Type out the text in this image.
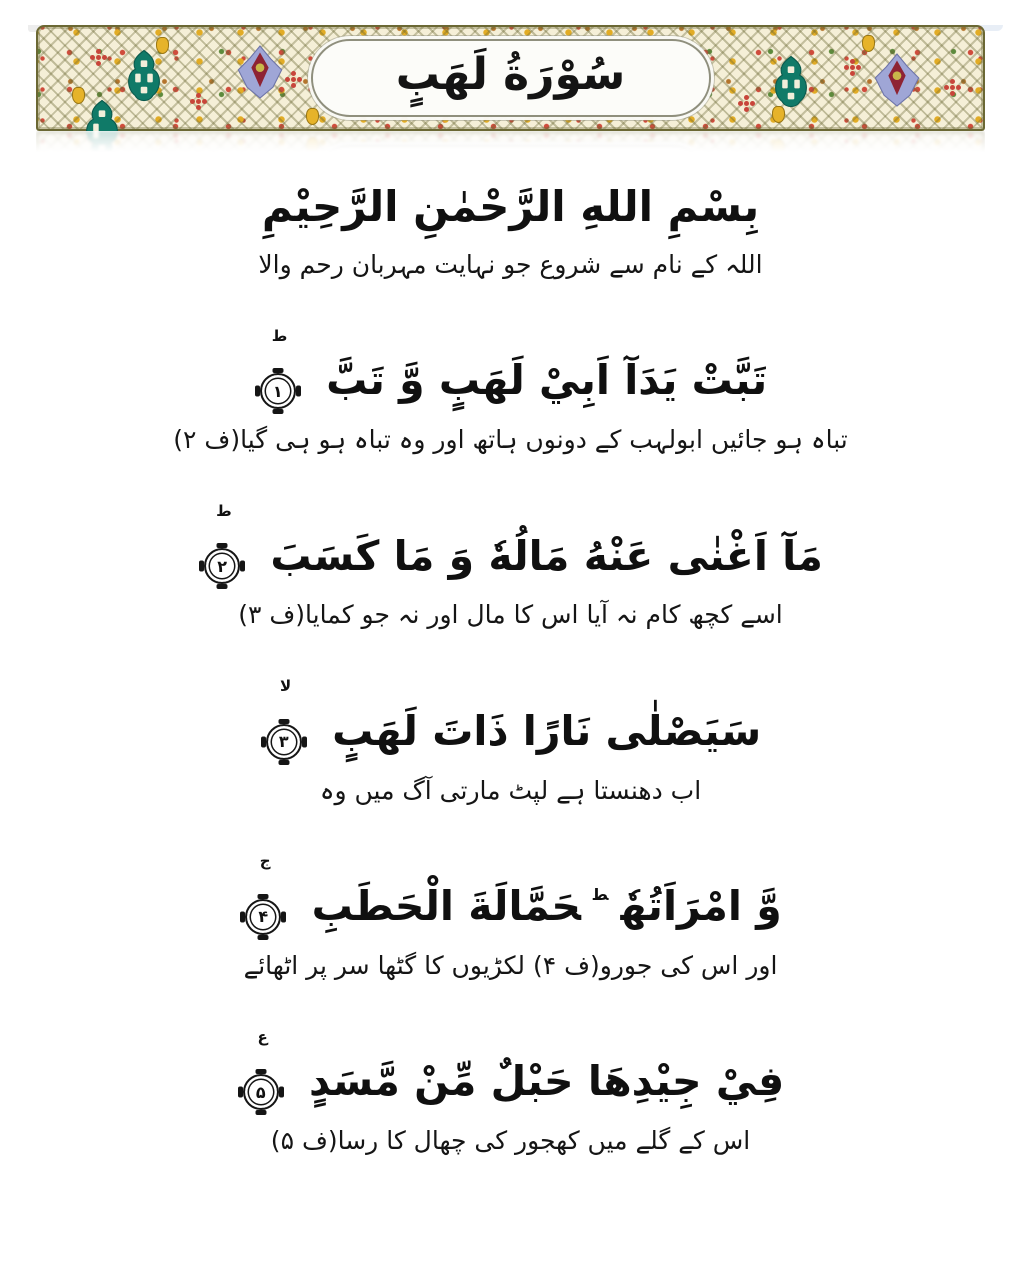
سُوْرَةُ لَهَبٍ
بِسْمِ اللهِ الرَّحْمٰنِ الرَّحِيْمِ
اللہ کے نام سے شروع جو نہایت مہربان رحم والا
تَبَّتْ يَدَآ اَبِيْ لَهَبٍ وَّ تَبَّ
ط
۱
تباہ ہو جائیں ابولہب کے دونوں ہاتھ اور وہ تباہ ہو ہی گیا(ف ۲)
مَآ اَغْنٰى عَنْهُ مَالُهٗ وَ مَا كَسَبَ
ط
۲
اسے کچھ کام نہ آیا اس کا مال اور نہ جو کمایا(ف ۳)
سَيَصْلٰى نَارًا ذَاتَ لَهَبٍ
لا
۳
اب دھنستا ہے لپٹ مارتی آگ میں وہ
وَّ امْرَاَتُهٗ$^ط$حَمَّالَةَ الْحَطَبِ
ج
۴
اور اس کی جورو(ف ۴) لکڑیوں کا گٹھا سر پر اٹھائے
فِيْ جِيْدِهَا حَبْلٌ مِّنْ مَّسَدٍ
ع
۵
اس کے گلے میں کھجور کی چھال کا رسا(ف ۵)
